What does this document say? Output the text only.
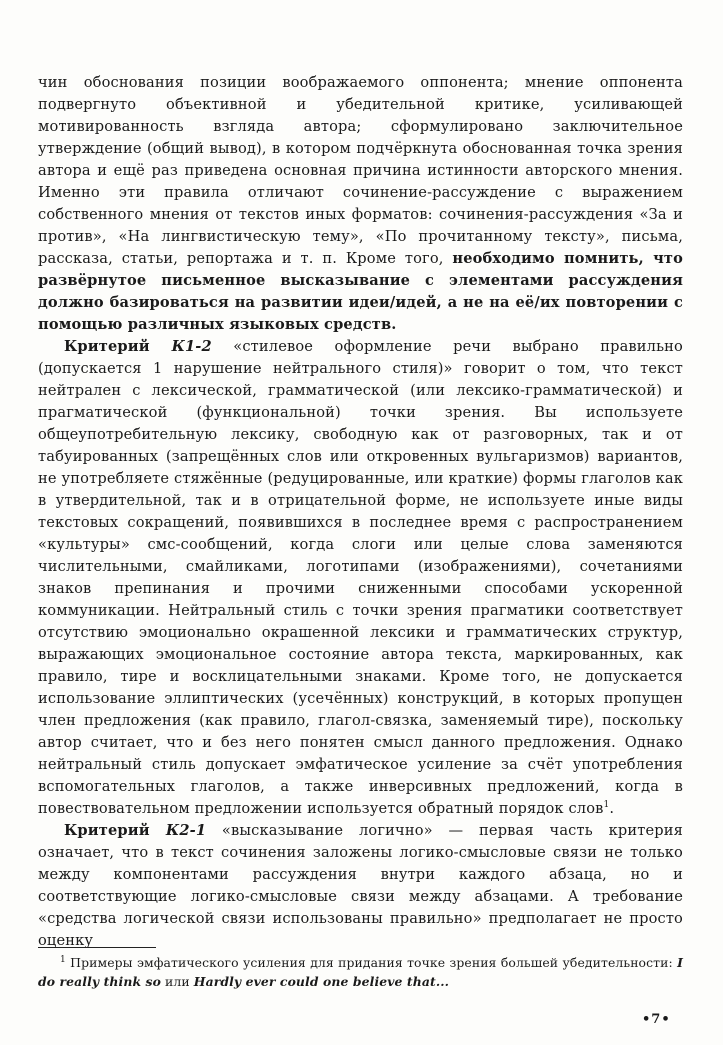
чин обоснования позиции воображаемого оппонента; мнение оппонента подвергнуто объективной и убедительной критике, усиливающей мотивированность взгляда автора; сформулировано заключительное утверждение (общий вывод), в котором подчёркнута обоснованная точка зрения автора и ещё раз приведена основная причина истинности авторского мнения. Именно эти правила отличают сочинение-рассуждение с выражением собственного мнения от текстов иных форматов: сочинения-рассуждения «За и против», «На лингвистическую тему», «По прочитанному тексту», письма, рассказа, статьи, репортажа и т. п. Кроме того, необходимо помнить, что развёрнутое письменное высказывание с элементами рассуждения должно базироваться на развитии идеи/идей, а не на её/их повторении с помощью различных языковых средств.

Критерий К1-2 «стилевое оформление речи выбрано правильно (допускается 1 нарушение нейтрального стиля)» говорит о том, что текст нейтрален с лексической, грамматической (или лексико-грамматической) и прагматической (функциональной) точки зрения. Вы используете общеупотребительную лексику, свободную как от разговорных, так и от табуированных (запрещённых слов или откровенных вульгаризмов) вариантов, не употребляете стяжённые (редуцированные, или краткие) формы глаголов как в утвердительной, так и в отрицательной форме, не используете иные виды текстовых сокращений, появившихся в последнее время с распространением «культуры» смс-сообщений, когда слоги или целые слова заменяются числительными, смайликами, логотипами (изображениями), сочетаниями знаков препинания и прочими сниженными способами ускоренной коммуникации. Нейтральный стиль с точки зрения прагматики соответствует отсутствию эмоционально окрашенной лексики и грамматических структур, выражающих эмоциональное состояние автора текста, маркированных, как правило, тире и восклицательными знаками. Кроме того, не допускается использование эллиптических (усечённых) конструкций, в которых пропущен член предложения (как правило, глагол-связка, заменяемый тире), поскольку автор считает, что и без него понятен смысл данного предложения. Однако нейтральный стиль допускает эмфатическое усиление за счёт употребления вспомогательных глаголов, а также инверсивных предложений, когда в повествовательном предложении используется обратный порядок слов$^1$.

Критерий К2-1 «высказывание логично» — первая часть критерия означает, что в текст сочинения заложены логико-смысловые связи не только между компонентами рассуждения внутри каждого абзаца, но и соответствующие логико-смысловые связи между абзацами. А требование «средства логической связи использованы правильно» предполагает не просто оценку

$^1$ Примеры эмфатического усиления для придания точке зрения большей убедительности: I do really think so или Hardly ever could one believe that...
•7•
